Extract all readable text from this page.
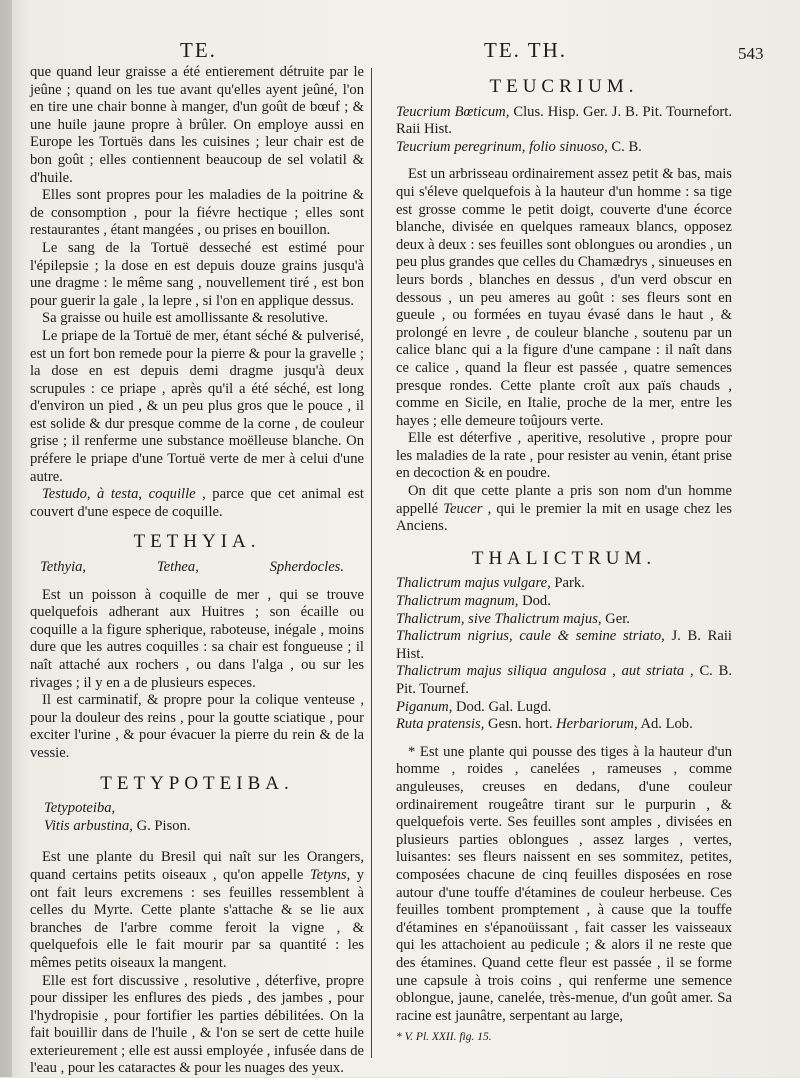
TE.	TE. TH.	543

que quand leur graisse a été entierement détruite par le jeûne ; quand on les tue avant qu'elles ayent jeûné, l'on en tire une chair bonne à manger, d'un goût de bœuf ; & une huile jaune propre à brûler. On employe aussi en Europe les Tortuës dans les cuisines ; leur chair est de bon goût ; elles contiennent beaucoup de sel volatil & d'huile.

Elles sont propres pour les maladies de la poitrine & de consomption , pour la fiévre hectique ; elles sont restaurantes , étant mangées , ou prises en bouillon.

Le sang de la Tortuë desseché est estimé pour l'épilepsie ; la dose en est depuis douze grains jusqu'à une dragme : le même sang , nouvellement tiré , est bon pour guerir la gale , la lepre , si l'on en applique dessus.

Sa graisse ou huile est amollissante & resolutive.

Le priape de la Tortuë de mer, étant séché & pulverisé, est un fort bon remede pour la pierre & pour la gravelle ; la dose en est depuis demi dragme jusqu'à deux scrupules : ce priape , après qu'il a été séché, est long d'environ un pied , & un peu plus gros que le pouce , il est solide & dur presque comme de la corne , de couleur grise ; il renferme une substance moëlleuse blanche. On préfere le priape d'une Tortuë verte de mer à celui d'une autre.

Testudo, à testa, coquille , parce que cet animal est couvert d'une espece de coquille.

TETHYIA.
Tethyia,	Tethea,	Spherdocles.

Est un poisson à coquille de mer , qui se trouve quelquefois adherant aux Huitres ; son écaille ou coquille a la figure spherique, raboteuse, inégale , moins dure que les autres coquilles : sa chair est fongueuse ; il naît attaché aux rochers , ou dans l'alga , ou sur les rivages ; il y en a de plusieurs especes.

Il est carminatif, & propre pour la colique venteuse , pour la douleur des reins , pour la goutte sciatique , pour exciter l'urine , & pour évacuer la pierre du rein & de la vessie.

TETYPOTEIBA.

Tetypoteiba,

Vitis arbustina, G. Pison.

Est une plante du Bresil qui naît sur les Orangers, quand certains petits oiseaux , qu'on appelle Tetyns, y ont fait leurs excremens : ses feuilles ressemblent à celles du Myrte. Cette plante s'attache & se lie aux branches de l'arbre comme feroit la vigne , & quelquefois elle le fait mourir par sa quantité : les mêmes petits oiseaux la mangent.

Elle est fort discussive , resolutive , déterfive, propre pour dissiper les enflures des pieds , des jambes , pour l'hydropisie , pour fortifier les parties débilitées. On la fait bouillir dans de l'huile , & l'on se sert de cette huile exterieurement ; elle est aussi employée , infusée dans de l'eau , pour les cataractes & pour les nuages des yeux.

TEUCRIUM.

Teucrium Bœticum, Clus. Hisp. Ger. J. B. Pit. Tournefort. Raii Hist.

Teucrium peregrinum, folio sinuoso, C. B.

Est un arbrisseau ordinairement assez petit & bas, mais qui s'éleve quelquefois à la hauteur d'un homme : sa tige est grosse comme le petit doigt, couverte d'une écorce blanche, divisée en quelques rameaux blancs, opposez deux à deux : ses feuilles sont oblongues ou arondies , un peu plus grandes que celles du Chamædrys , sinueuses en leurs bords , blanches en dessus , d'un verd obscur en dessous , un peu ameres au goût : ses fleurs sont en gueule , ou formées en tuyau évasé dans le haut , & prolongé en levre , de couleur blanche , soutenu par un calice blanc qui a la figure d'une campane : il naît dans ce calice , quand la fleur est passée , quatre semences presque rondes. Cette plante croît aux païs chauds , comme en Sicile, en Italie, proche de la mer, entre les hayes ; elle demeure toûjours verte.

Elle est déterfive , aperitive, resolutive , propre pour les maladies de la rate , pour resister au venin, étant prise en decoction & en poudre.

On dit que cette plante a pris son nom d'un homme appellé Teucer , qui le premier la mit en usage chez les Anciens.

THALICTRUM.

Thalictrum majus vulgare, Park.

Thalictrum magnum, Dod.

Thalictrum, sive Thalictrum majus, Ger.

Thalictrum nigrius, caule & semine striato, J. B. Raii Hist.

Thalictrum majus siliqua angulosa , aut striata , C. B. Pit. Tournef.

Piganum, Dod. Gal. Lugd.

Ruta pratensis, Gesn. hort. Herbariorum, Ad. Lob.

* Est une plante qui pousse des tiges à la hauteur d'un homme , roides , canelées , rameuses , comme anguleuses, creuses en dedans, d'une couleur ordinairement rougeâtre tirant sur le purpurin , & quelquefois verte. Ses feuilles sont amples , divisées en plusieurs parties oblongues , assez larges , vertes, luisantes: ses fleurs naissent en ses sommitez, petites, composées chacune de cinq feuilles disposées en rose autour d'une touffe d'étamines de couleur herbeuse. Ces feuilles tombent promptement , à cause que la touffe d'étamines en s'épanoüissant , fait casser les vaisseaux qui les attachoient au pedicule ; & alors il ne reste que des étamines. Quand cette fleur est passée , il se forme une capsule à trois coins , qui renferme une semence oblongue, jaune, canelée, très-menue, d'un goût amer. Sa racine est jaunâtre, serpentant au large,

* V. Pl. XXII. fig. 15.
